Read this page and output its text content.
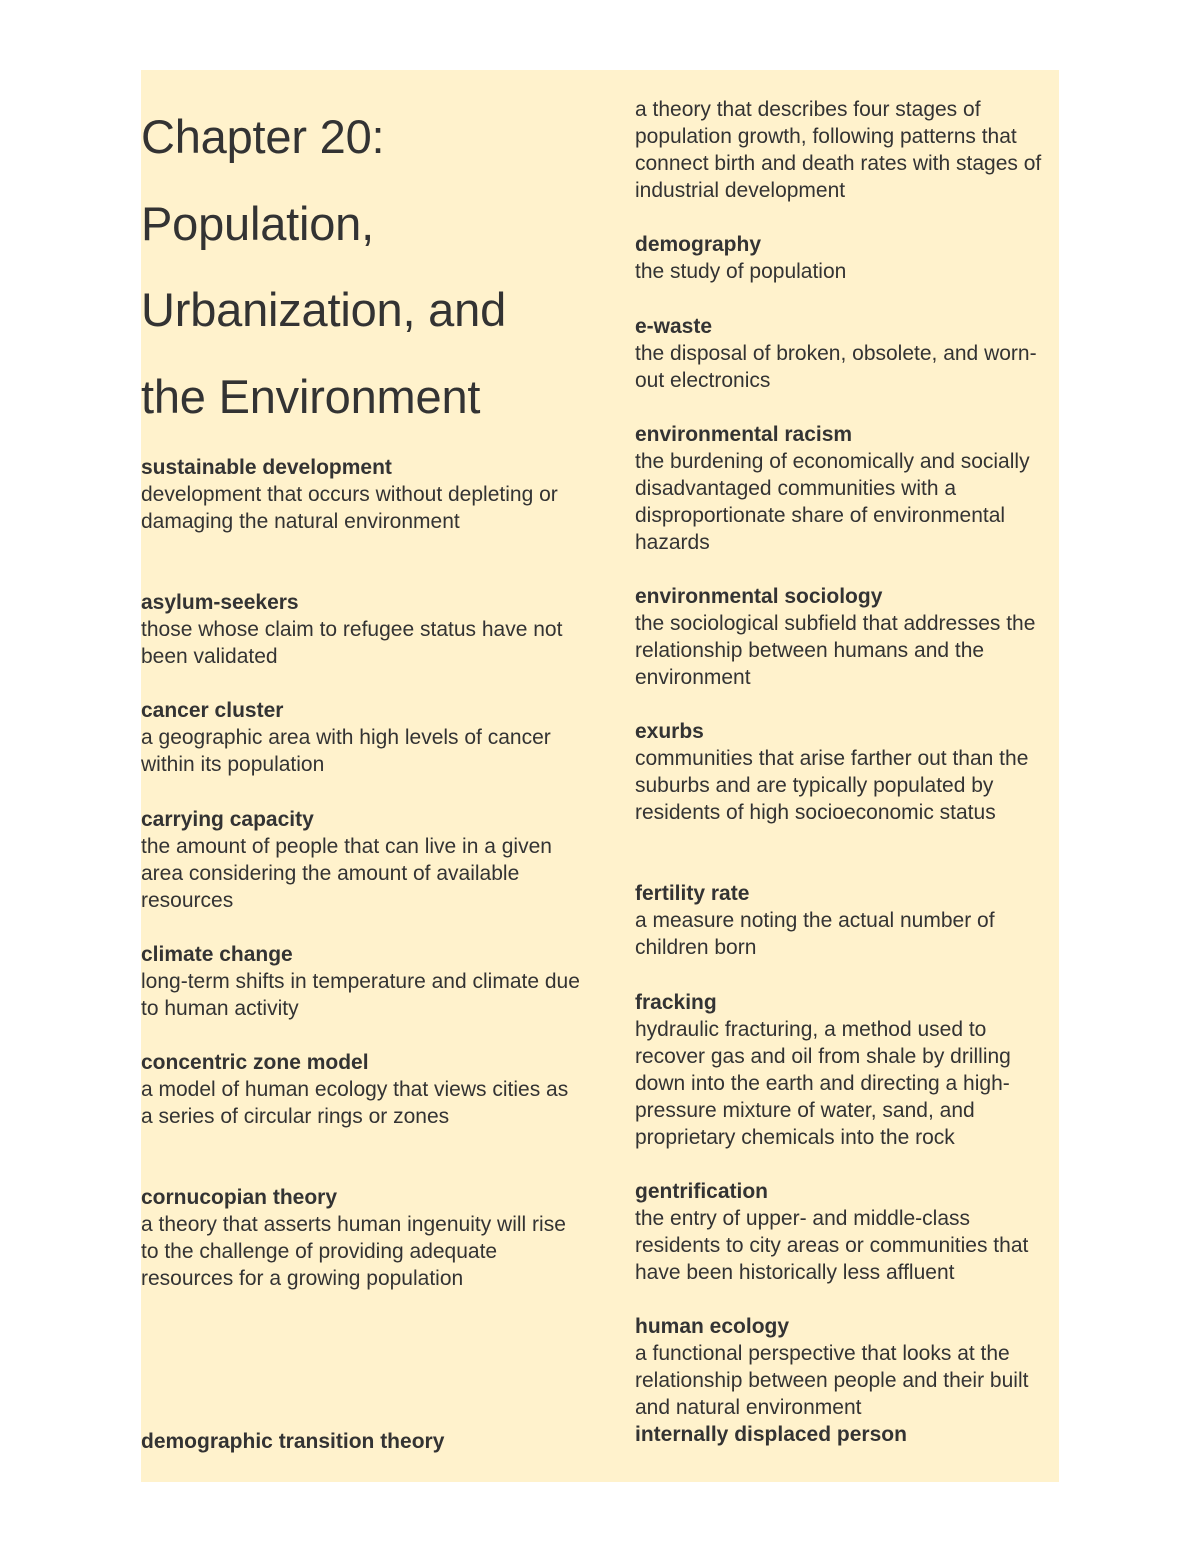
Chapter 20:
Population,
Urbanization, and
the Environment
sustainable development
development that occurs without depleting or damaging the natural environment
asylum-seekers
those whose claim to refugee status have not been validated
cancer cluster
a geographic area with high levels of cancer within its population
carrying capacity
the amount of people that can live in a given area considering the amount of available resources
climate change
long-term shifts in temperature and climate due to human activity
concentric zone model
a model of human ecology that views cities as a series of circular rings or zones
cornucopian theory
a theory that asserts human ingenuity will rise to the challenge of providing adequate resources for a growing population
demographic transition theory
a theory that describes four stages of population growth, following patterns that connect birth and death rates with stages of industrial development
demography
the study of population
e-waste
the disposal of broken, obsolete, and worn-out electronics
environmental racism
the burdening of economically and socially disadvantaged communities with a disproportionate share of environmental hazards
environmental sociology
the sociological subfield that addresses the relationship between humans and the environment
exurbs
communities that arise farther out than the suburbs and are typically populated by residents of high socioeconomic status
fertility rate
a measure noting the actual number of children born
fracking
hydraulic fracturing, a method used to recover gas and oil from shale by drilling down into the earth and directing a high-pressure mixture of water, sand, and proprietary chemicals into the rock
gentrification
the entry of upper- and middle-class residents to city areas or communities that have been historically less affluent
human ecology
a functional perspective that looks at the relationship between people and their built and natural environment
internally displaced person
